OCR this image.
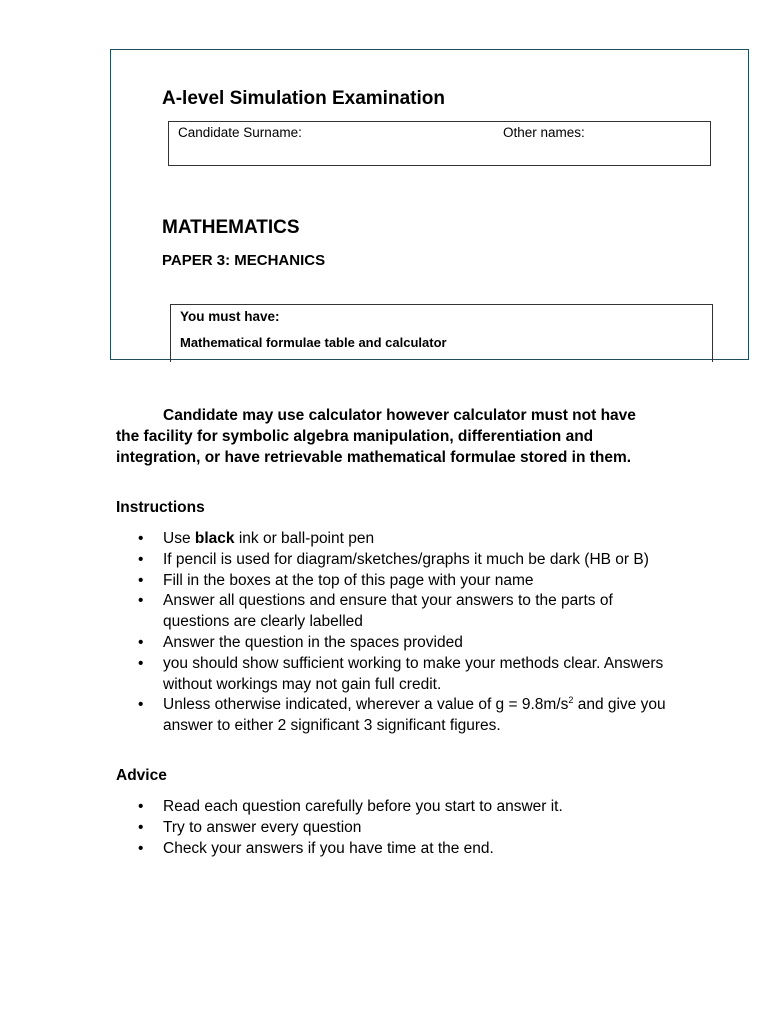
A-level Simulation Examination
Candidate Surname:	Other names:
MATHEMATICS
PAPER 3: MECHANICS
You must have:
Mathematical formulae table and calculator

Candidate may use calculator however calculator must not have the facility for symbolic algebra manipulation, differentiation and integration, or have retrievable mathematical formulae stored in them.

Instructions
• Use black ink or ball-point pen
• If pencil is used for diagram/sketches/graphs it much be dark (HB or B)
• Fill in the boxes at the top of this page with your name
• Answer all questions and ensure that your answers to the parts of questions are clearly labelled
• Answer the question in the spaces provided
• you should show sufficient working to make your methods clear. Answers without workings may not gain full credit.
• Unless otherwise indicated, wherever a value of $g = 9.8m/s^2$ and give you answer to either 2 significant 3 significant figures.
Advice
• Read each question carefully before you start to answer it.
• Try to answer every question
• Check your answers if you have time at the end.
